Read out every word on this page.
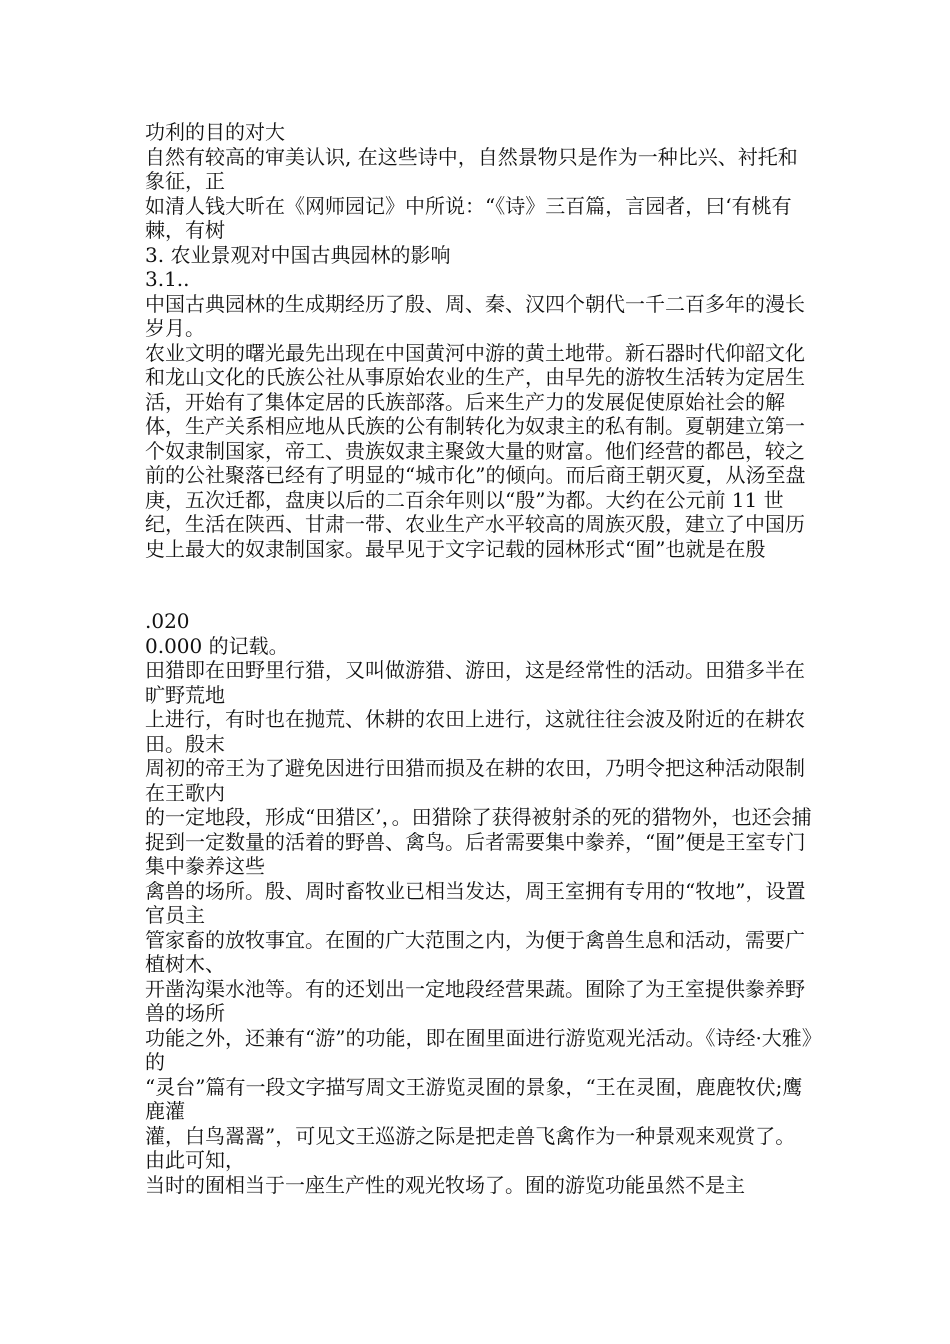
功利的目的对大

自然有较高的审美认识, 在这些诗中，自然景物只是作为一种比兴、衬托和象征，正

如清人钱大昕在《网师园记》中所说：“《诗》三百篇，言园者，曰‘有桃有棘，有树

3. 农业景观对中国古典园林的影响

3.1..

中国古典园林的生成期经历了殷、周、秦、汉四个朝代一千二百多年的漫长岁月。

农业文明的曙光最先出现在中国黄河中游的黄土地带。新石器时代仰韶文化和龙山文化的氏族公社从事原始农业的生产，由早先的游牧生活转为定居生活，开始有了集体定居的氏族部落。后来生产力的发展促使原始社会的解体，生产关系相应地从氏族的公有制转化为奴隶主的私有制。夏朝建立第一个奴隶制国家，帝工、贵族奴隶主聚敛大量的财富。他们经营的都邑，较之前的公社聚落已经有了明显的“城市化”的倾向。而后商王朝灭夏，从汤至盘庚，五次迁都，盘庚以后的二百余年则以“殷”为都。大约在公元前 11 世纪，生活在陕西、甘肃一带、农业生产水平较高的周族灭殷，建立了中国历史上最大的奴隶制国家。最早见于文字记载的园林形式“囿”也就是在殷

.020

0.000 的记载。

田猎即在田野里行猎，又叫做游猎、游田，这是经常性的活动。田猎多半在旷野荒地

上进行，有时也在抛荒、休耕的农田上进行，这就往往会波及附近的在耕农田。殷末

周初的帝王为了避免因进行田猎而损及在耕的农田，乃明令把这种活动限制在王歌内

的一定地段，形成“田猎区’，。田猎除了获得被射杀的死的猎物外，也还会捕捉到一定数量的活着的野兽、禽鸟。后者需要集中豢养，“囿”便是王室专门集中豢养这些

禽兽的场所。殷、周时畜牧业已相当发达，周王室拥有专用的“牧地”，设置官员主

管家畜的放牧事宜。在囿的广大范围之内，为便于禽兽生息和活动，需要广植树木、

开凿沟渠水池等。有的还划出一定地段经营果蔬。囿除了为王室提供豢养野兽的场所

功能之外，还兼有“游”的功能，即在囿里面进行游览观光活动。《诗经·大雅》的

“灵台”篇有一段文字描写周文王游览灵囿的景象，“王在灵囿，鹿鹿牧伏;鹰鹿灌

灌，白鸟翯翯”，可见文王巡游之际是把走兽飞禽作为一种景观来观赏了。由此可知，

当时的囿相当于一座生产性的观光牧场了。囿的游览功能虽然不是主
